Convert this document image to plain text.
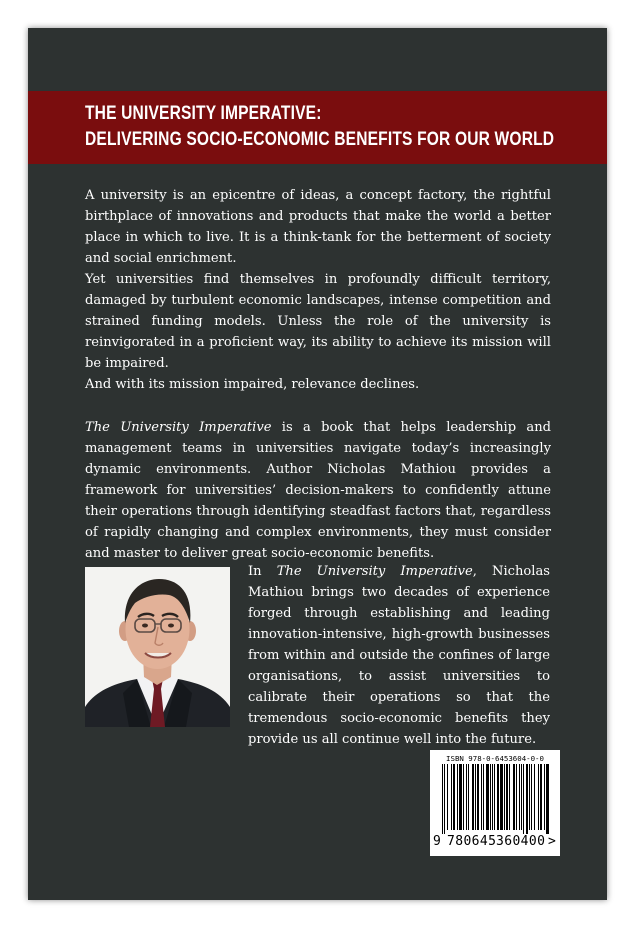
THE UNIVERSITY IMPERATIVE:
DELIVERING SOCIO-ECONOMIC BENEFITS FOR OUR WORLD

A university is an epicentre of ideas, a concept factory, the rightful birthplace of innovations and products that make the world a better place in which to live. It is a think-tank for the betterment of society and social enrichment.

Yet universities find themselves in profoundly difficult territory, damaged by turbulent economic landscapes, intense competition and strained funding models. Unless the role of the university is reinvigorated in a proficient way, its ability to achieve its mission will be impaired.

And with its mission impaired, relevance declines.

The University Imperative is a book that helps leadership and management teams in universities navigate today’s increasingly dynamic environments. Author Nicholas Mathiou provides a framework for universities’ decision-makers to confidently attune their operations through identifying steadfast factors that, regardless of rapidly changing and complex environments, they must consider and master to deliver great socio-economic benefits.

In The University Imperative, Nicholas Mathiou brings two decades of experience forged through establishing and leading innovation-intensive, high-growth businesses from within and outside the confines of large organisations, to assist universities to calibrate their operations so that the tremendous socio-economic benefits they provide us all continue well into the future.

ISBN 978-0-6453604-0-0
9 780645 360400 >
